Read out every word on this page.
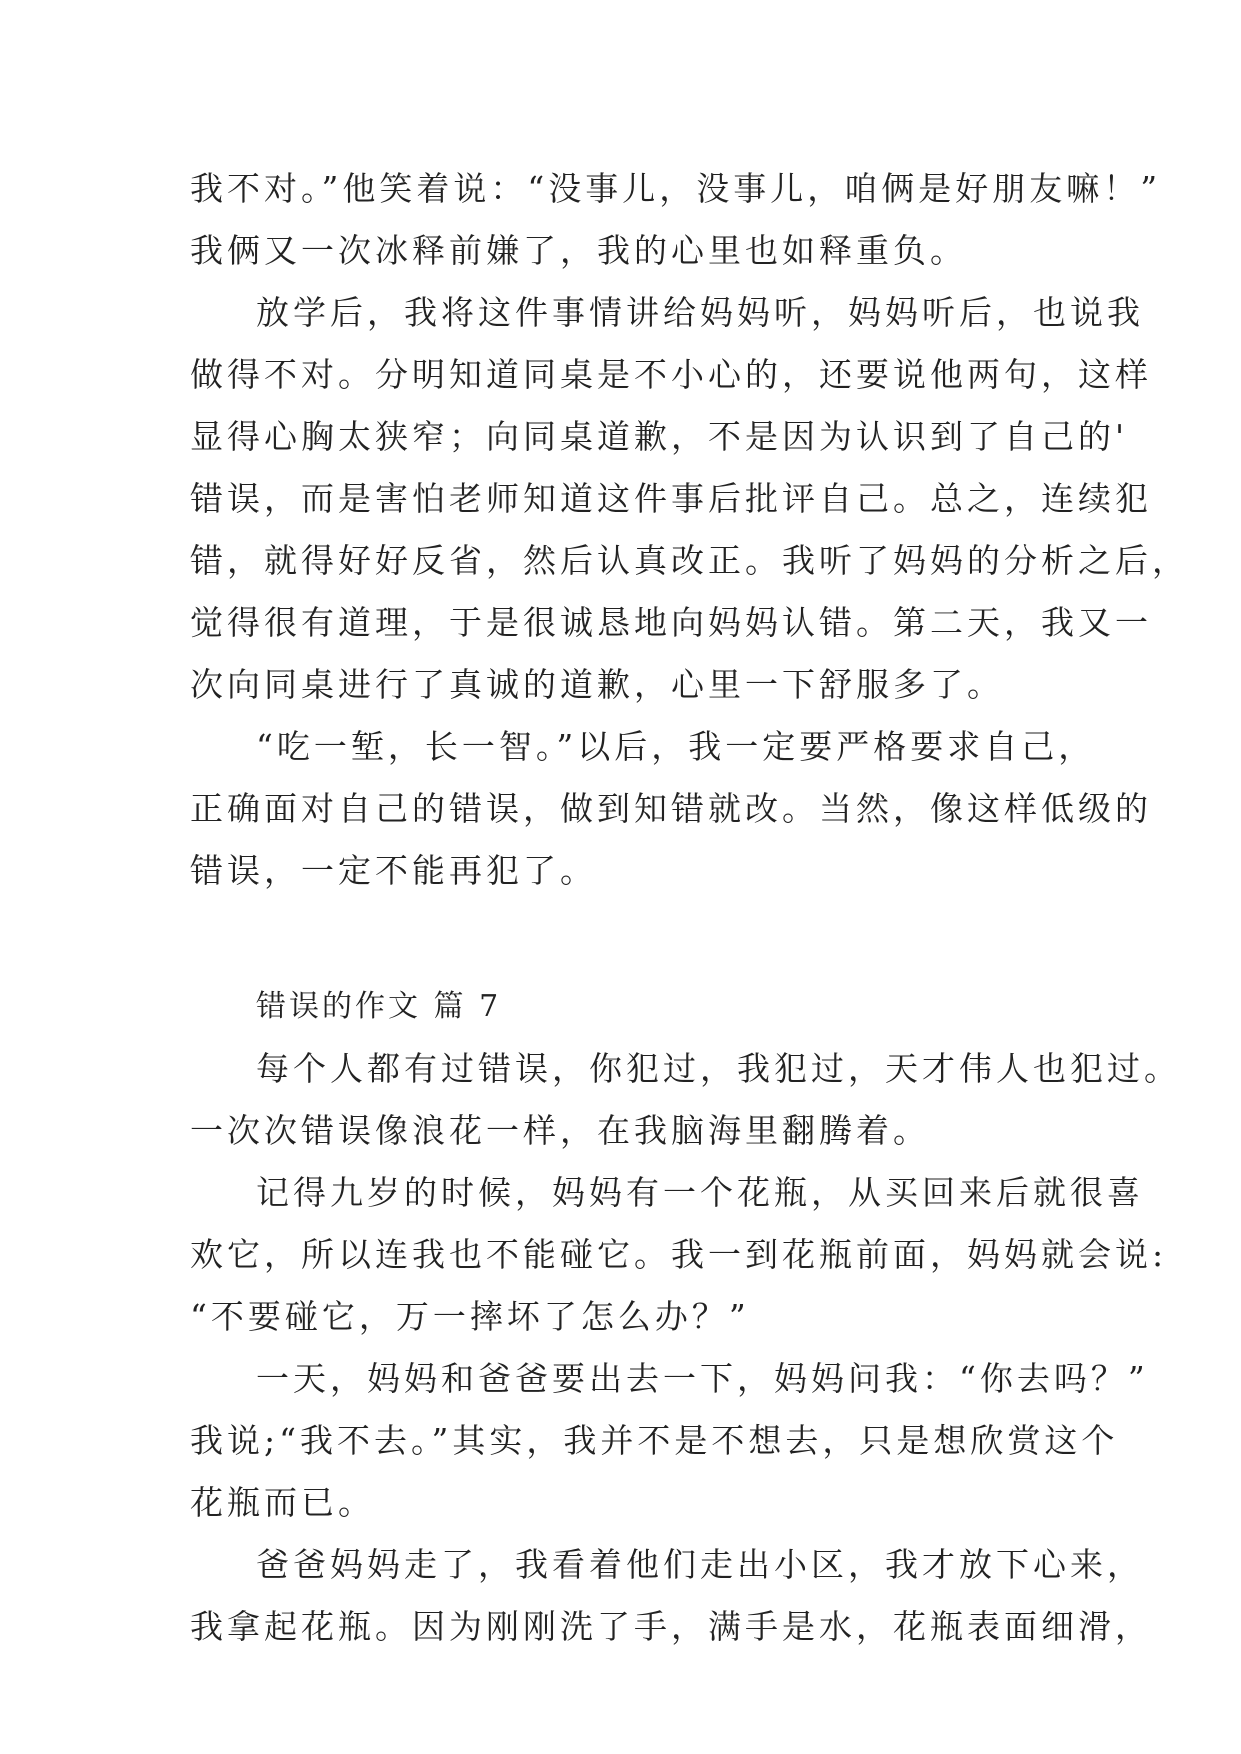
我不对。”他笑着说：“没事儿，没事儿，咱俩是好朋友嘛！”
我俩又一次冰释前嫌了，我的心里也如释重负。
放学后，我将这件事情讲给妈妈听，妈妈听后，也说我
做得不对。分明知道同桌是不小心的，还要说他两句，这样
显得心胸太狭窄；向同桌道歉，不是因为认识到了自己的'
错误，而是害怕老师知道这件事后批评自己。总之，连续犯
错，就得好好反省，然后认真改正。我听了妈妈的分析之后，
觉得很有道理，于是很诚恳地向妈妈认错。第二天，我又一
次向同桌进行了真诚的道歉，心里一下舒服多了。
“吃一堑，长一智。”以后，我一定要严格要求自己，
正确面对自己的错误，做到知错就改。当然，像这样低级的
错误，一定不能再犯了。
错误的作文 篇 7
每个人都有过错误，你犯过，我犯过，天才伟人也犯过。
一次次错误像浪花一样，在我脑海里翻腾着。
记得九岁的时候，妈妈有一个花瓶，从买回来后就很喜
欢它，所以连我也不能碰它。我一到花瓶前面，妈妈就会说:
“不要碰它，万一摔坏了怎么办？”
一天，妈妈和爸爸要出去一下，妈妈问我：“你去吗？”
我说;“我不去。”其实，我并不是不想去，只是想欣赏这个
花瓶而已。
爸爸妈妈走了，我看着他们走出小区，我才放下心来，
我拿起花瓶。因为刚刚洗了手，满手是水，花瓶表面细滑，
